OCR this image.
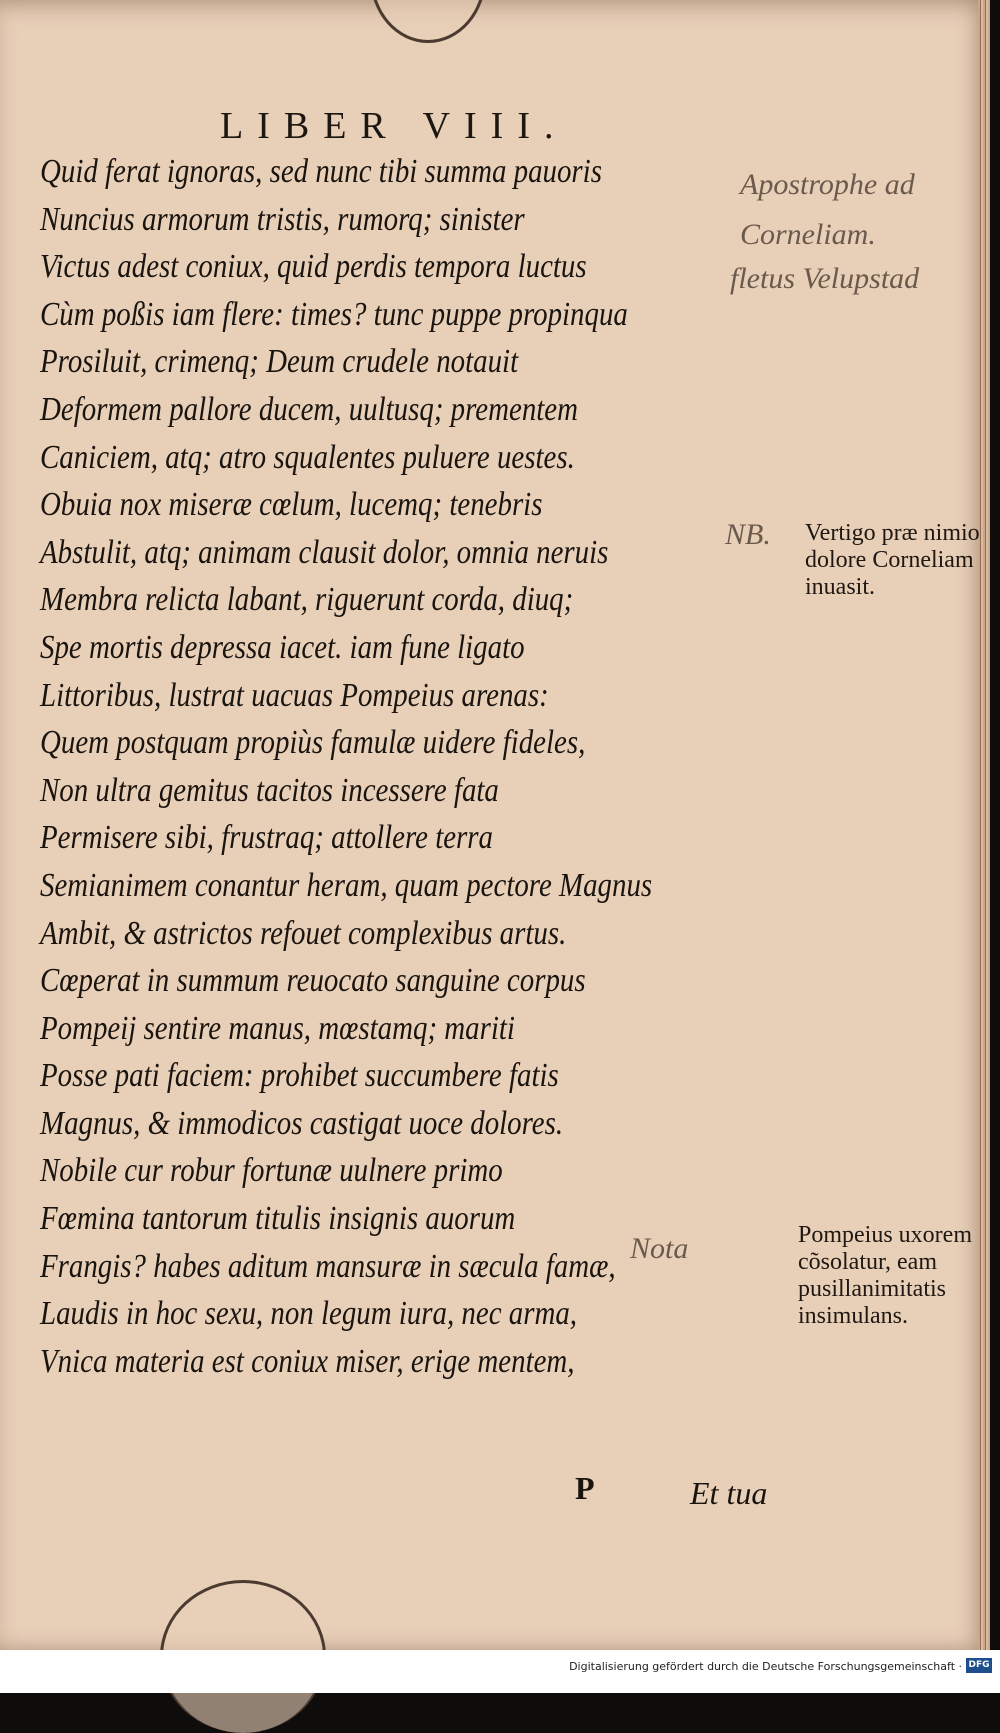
LIBER VIII.
Quid ferat ignoras, sed nunc tibi summa pauoris
Nuncius armorum tristis, rumorq; sinister
Victus adest coniux, quid perdis tempora luctus
Cùm poßis iam flere: times? tunc puppe propinqua
Prosiluit, crimenq; Deum crudele notauit
Deformem pallore ducem, uultusq; prementem
Caniciem, atq; atro squalentes puluere uestes.
Obuia nox miseræ cœlum, lucemq; tenebris
Abstulit, atq; animam clausit dolor, omnia neruis
Membra relicta labant, riguerunt corda, diuq;
Spe mortis depressa iacet. iam fune ligato
Littoribus, lustrat uacuas Pompeius arenas:
Quem postquam propiùs famulæ uidere fideles,
Non ultra gemitus tacitos incessere fata
Permisere sibi, frustraq; attollere terra
Semianimem conantur heram, quam pectore Magnus
Ambit, & astrictos refouet complexibus artus.
Cœperat in summum reuocato sanguine corpus
Pompeij sentire manus, mœstamq; mariti
Posse pati faciem: prohibet succumbere fatis
Magnus, & immodicos castigat uoce dolores.
Nobile cur robur fortunæ uulnere primo
Fœmina tantorum titulis insignis auorum
Frangis? habes aditum mansuræ in sæcula famæ,
Laudis in hoc sexu, non legum iura, nec arma,
Vnica materia est coniux miser, erige mentem,
Apostrophe ad Corneliam.
fletus Velupstad
NB.
Nota
Vertigo præ nimio dolore Corneliam inuasit.
Pompeius uxorem cõsolatur, eam pusillanimitatis insimulans.
P	Et tua
Digitalisierung gefördert durch die Deutsche Forschungsgemeinschaft · DFG
